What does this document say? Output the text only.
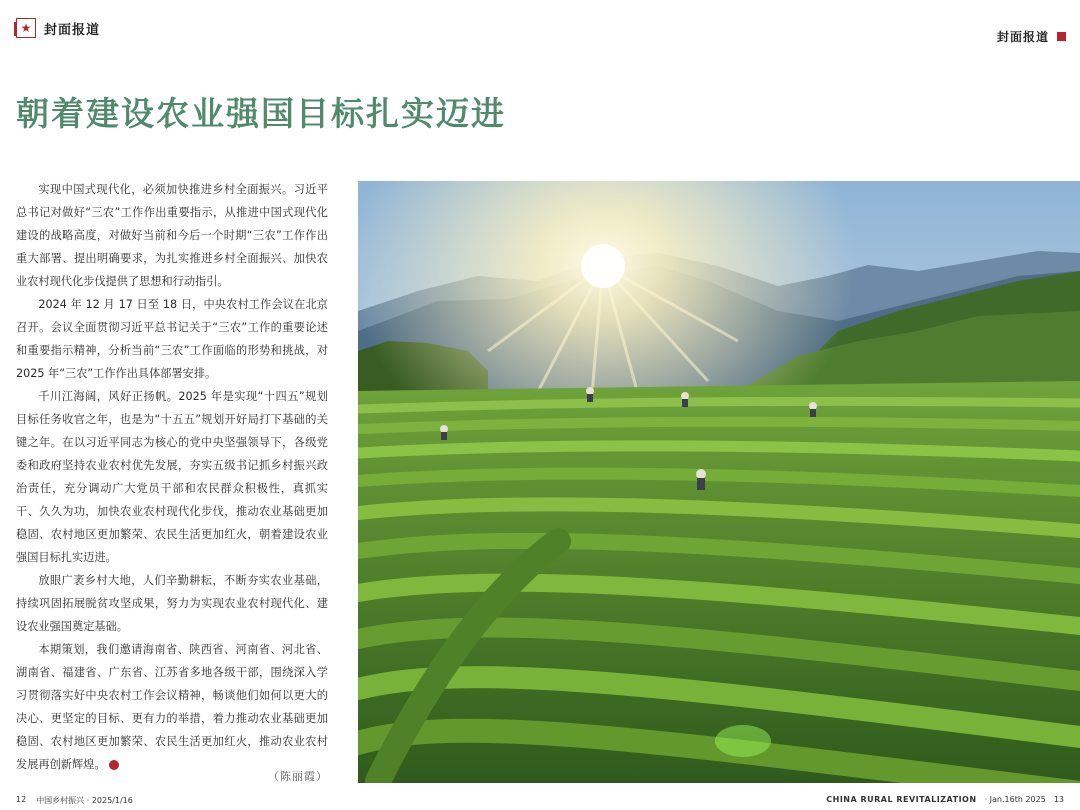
★ 封面报道	封面报道
朝着建设农业强国目标扎实迈进

实现中国式现代化，必须加快推进乡村全面振兴。习近平总书记对做好“三农”工作作出重要指示，从推进中国式现代化建设的战略高度，对做好当前和今后一个时期“三农”工作作出重大部署、提出明确要求，为扎实推进乡村全面振兴、加快农业农村现代化步伐提供了思想和行动指引。

2024 年 12 月 17 日至 18 日，中央农村工作会议在北京召开。会议全面贯彻习近平总书记关于“三农”工作的重要论述和重要指示精神，分析当前“三农”工作面临的形势和挑战，对 2025 年“三农”工作作出具体部署安排。

千川江海阔，风好正扬帆。2025 年是实现“十四五”规划目标任务收官之年，也是为“十五五”规划开好局打下基础的关键之年。在以习近平同志为核心的党中央坚强领导下，各级党委和政府坚持农业农村优先发展，夯实五级书记抓乡村振兴政治责任，充分调动广大党员干部和农民群众积极性，真抓实干、久久为功，加快农业农村现代化步伐，推动农业基础更加稳固、农村地区更加繁荣、农民生活更加红火，朝着建设农业强国目标扎实迈进。

放眼广袤乡村大地，人们辛勤耕耘，不断夯实农业基础，持续巩固拓展脱贫攻坚成果，努力为实现农业农村现代化、建设农业强国奠定基础。

本期策划，我们邀请海南省、陕西省、河南省、河北省、湖南省、福建省、广东省、江苏省多地各级干部，围绕深入学习贯彻落实好中央农村工作会议精神，畅谈他们如何以更大的决心、更坚定的目标、更有力的举措，着力推动农业基础更加稳固、农村地区更加繁荣、农民生活更加红火，推动农业农村发展再创新辉煌。

（陈丽霞）
12 中国乡村振兴 · 2025/1/16	CHINA RURAL REVITALIZATION · Jan.16th 2025 13
